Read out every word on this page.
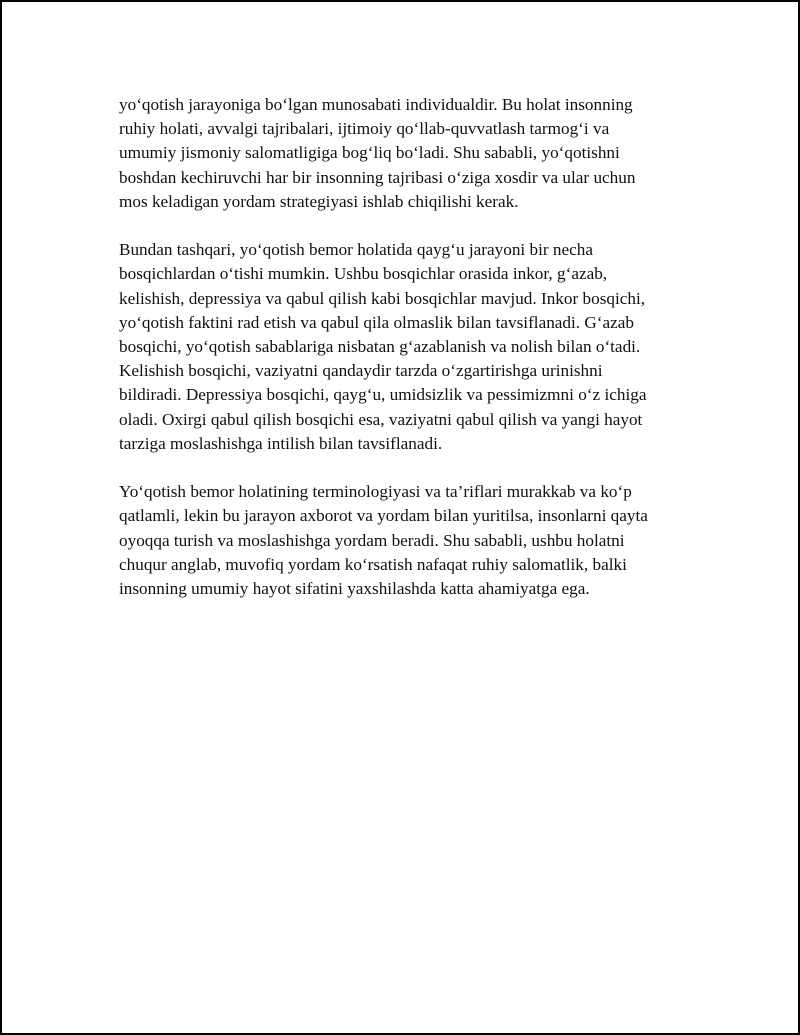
yo‘qotish jarayoniga bo‘lgan munosabati individualdir. Bu holat insonning
ruhiy holati, avvalgi tajribalari, ijtimoiy qo‘llab-quvvatlash tarmog‘i va
umumiy jismoniy salomatligiga bog‘liq bo‘ladi. Shu sababli, yo‘qotishni
boshdan kechiruvchi har bir insonning tajribasi o‘ziga xosdir va ular uchun
mos keladigan yordam strategiyasi ishlab chiqilishi kerak.

Bundan tashqari, yo‘qotish bemor holatida qayg‘u jarayoni bir necha
bosqichlardan o‘tishi mumkin. Ushbu bosqichlar orasida inkor, g‘azab,
kelishish, depressiya va qabul qilish kabi bosqichlar mavjud. Inkor bosqichi,
yo‘qotish faktini rad etish va qabul qila olmaslik bilan tavsiflanadi. G‘azab
bosqichi, yo‘qotish sabablariga nisbatan g‘azablanish va nolish bilan o‘tadi.
Kelishish bosqichi, vaziyatni qandaydir tarzda o‘zgartirishga urinishni
bildiradi. Depressiya bosqichi, qayg‘u, umidsizlik va pessimizmni o‘z ichiga
oladi. Oxirgi qabul qilish bosqichi esa, vaziyatni qabul qilish va yangi hayot
tarziga moslashishga intilish bilan tavsiflanadi.

Yo‘qotish bemor holatining terminologiyasi va ta’riflari murakkab va ko‘p
qatlamli, lekin bu jarayon axborot va yordam bilan yuritilsa, insonlarni qayta
oyoqqa turish va moslashishga yordam beradi. Shu sababli, ushbu holatni
chuqur anglab, muvofiq yordam ko‘rsatish nafaqat ruhiy salomatlik, balki
insonning umumiy hayot sifatini yaxshilashda katta ahamiyatga ega.
